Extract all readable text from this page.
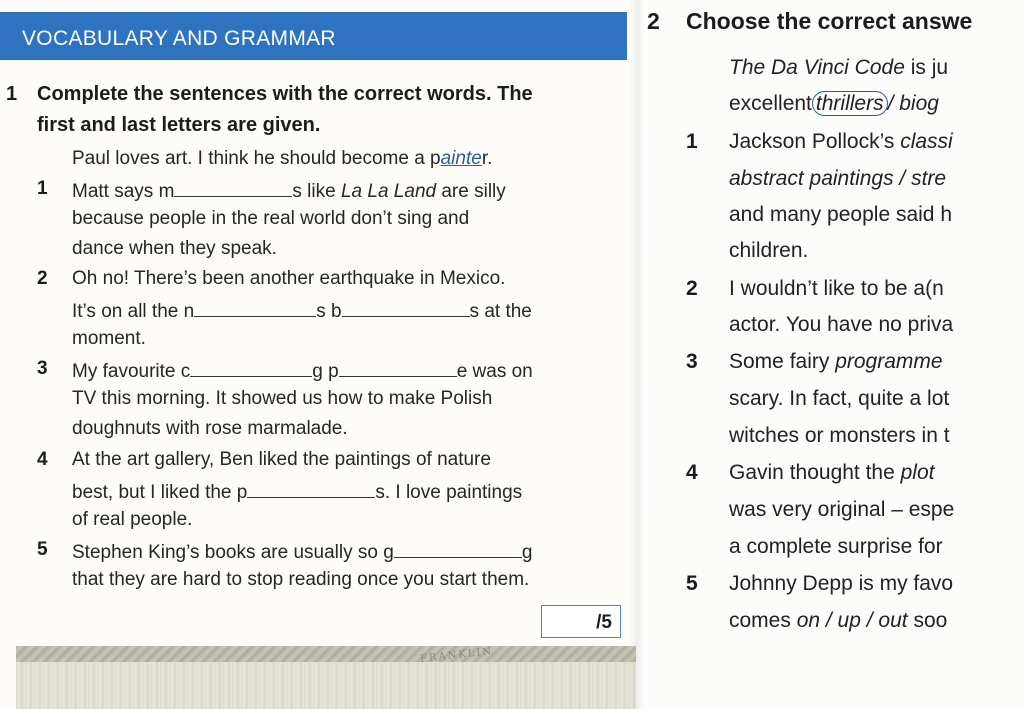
VOCABULARY AND GRAMMAR
1 Complete the sentences with the correct words. The
first and last letters are given.
Paul loves art. I think he should become a painter.
1 Matt says m	s like La La Land are silly
because people in the real world don’t sing and
dance when they speak.
2 Oh no! There’s been another earthquake in Mexico.
It’s on all the n	s b	s at the
moment.
3 My favourite c	g p	e was on
TV this morning. It showed us how to make Polish
doughnuts with rose marmalade.
4 At the art gallery, Ben liked the paintings of nature
best, but I liked the p	s. I love paintings
of real people.
5 Stephen King’s books are usually so g	g
that they are hard to stop reading once you start them.
/5
FRANKLIN
2 Choose the correct answe
The Da Vinci Code is ju
excellent thrillers / biog
1 Jackson Pollock’s classi
abstract paintings / stre
and many people said h
children.
2 I wouldn’t like to be a(n
actor. You have no priva
3 Some fairy programme
scary. In fact, quite a lot
witches or monsters in t
4 Gavin thought the plot
was very original – espe
a complete surprise for
5 Johnny Depp is my favo
comes on / up / out soo
